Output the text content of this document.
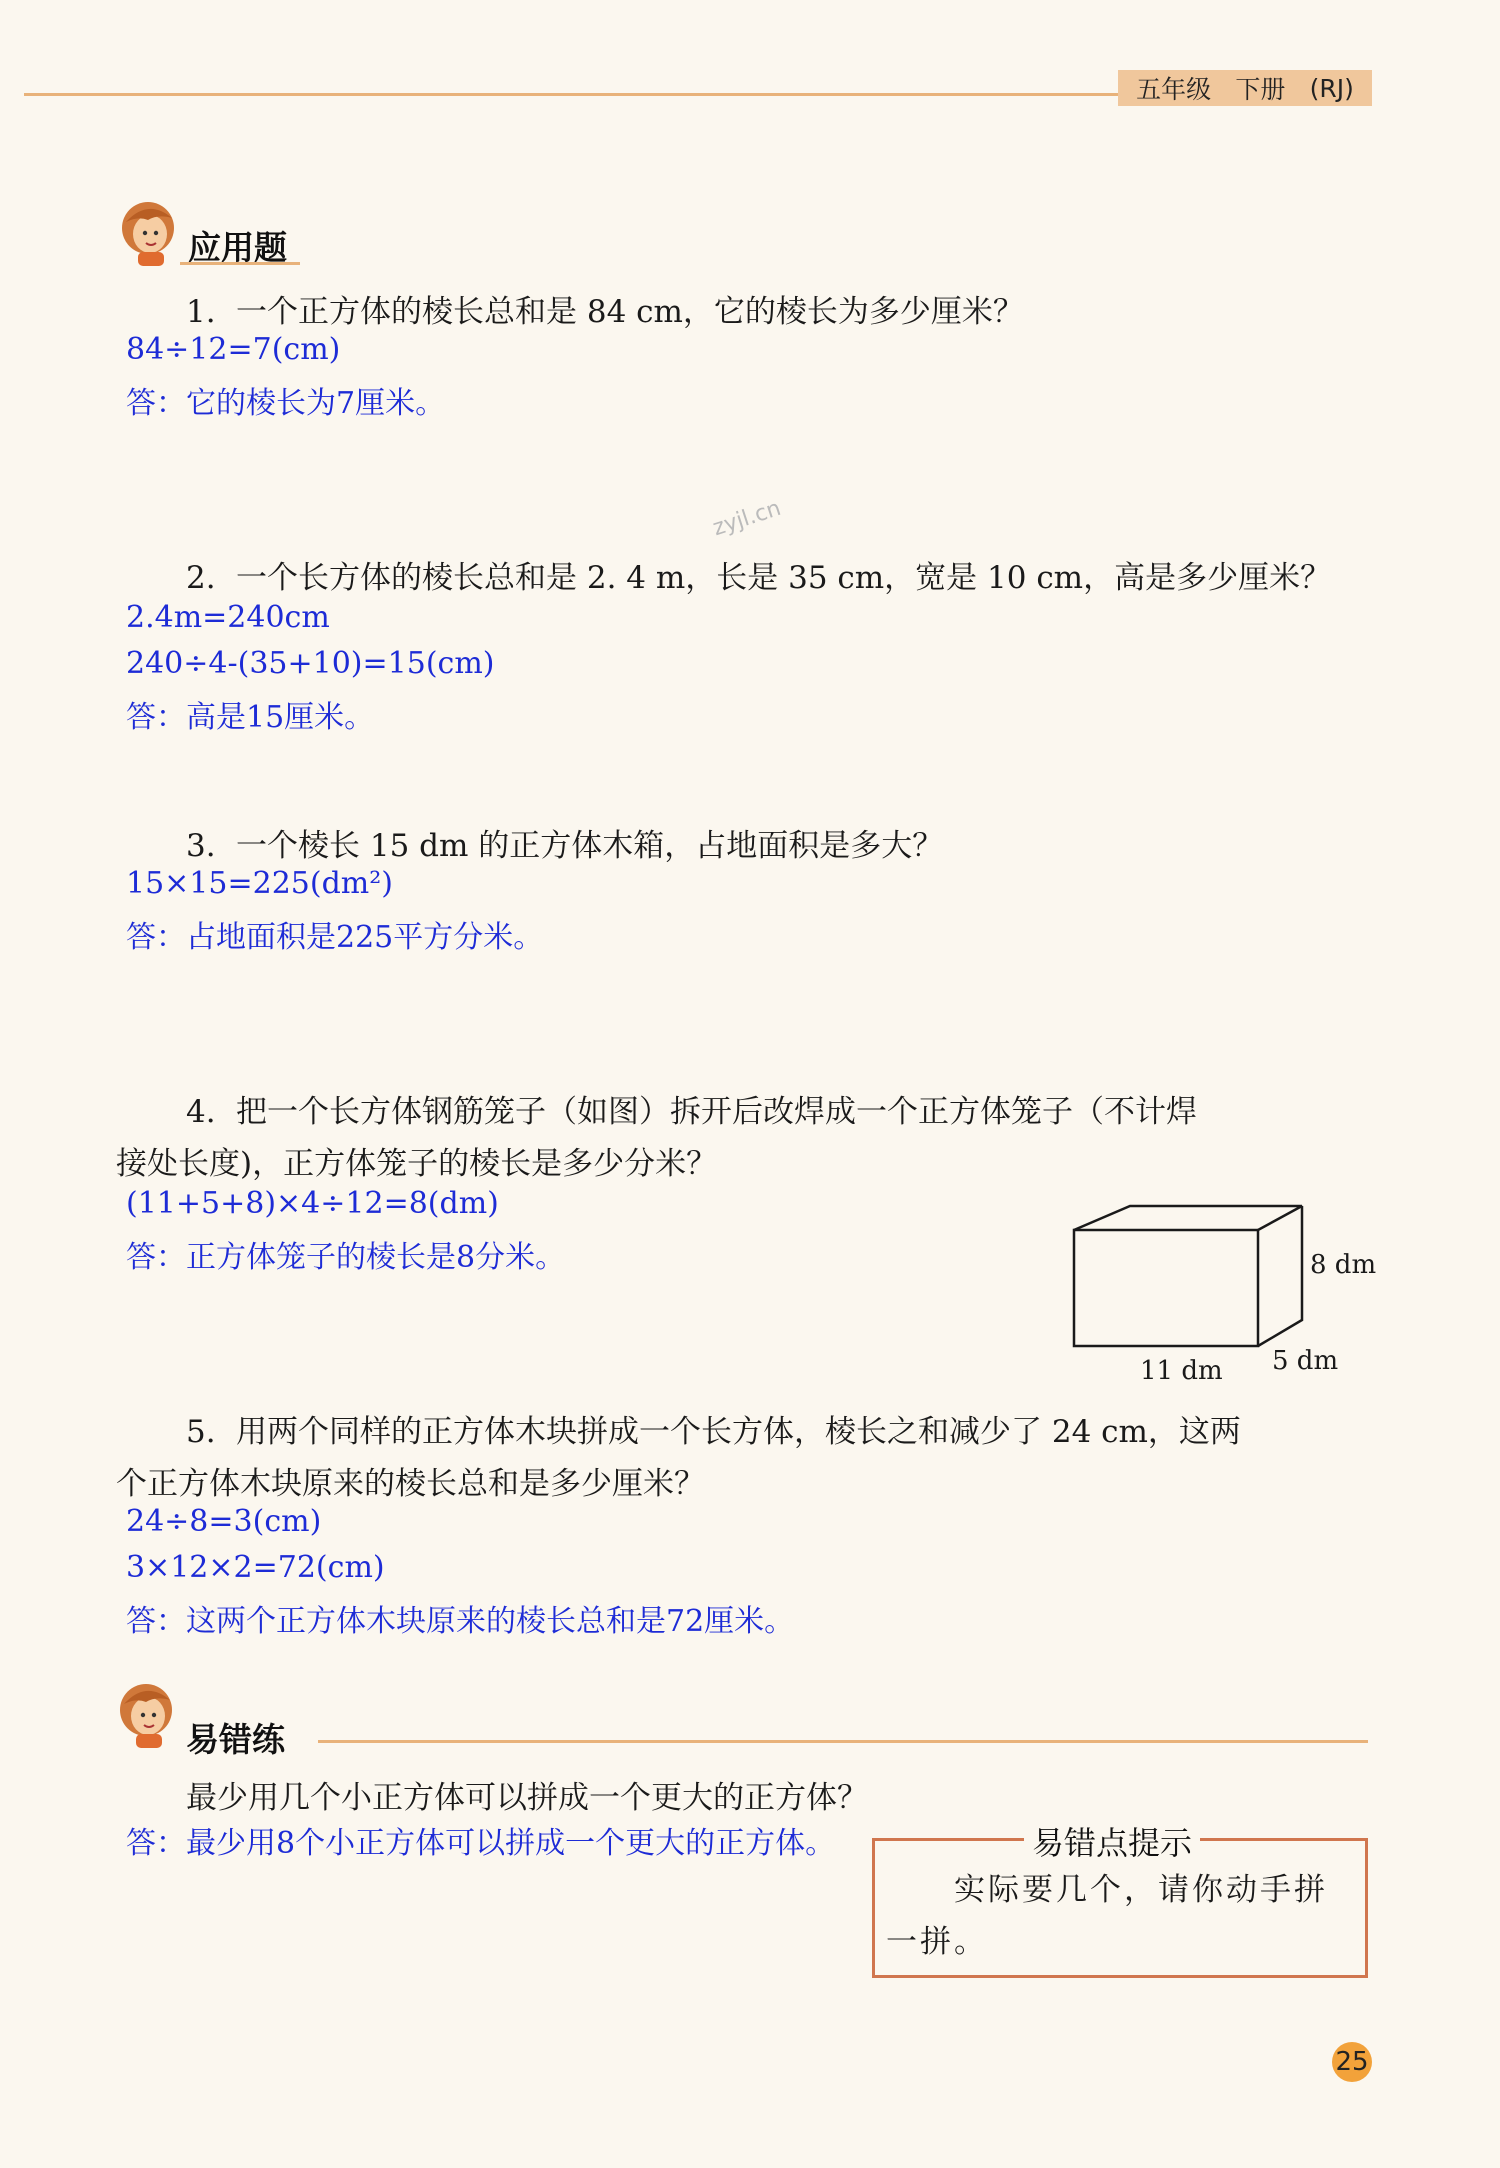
五年级 下册 (RJ)
应用题
1. 一个正方体的棱长总和是 84 cm，它的棱长为多少厘米？
84÷12=7(cm)
答：它的棱长为7厘米。
zyjl.cn
2. 一个长方体的棱长总和是 2. 4 m，长是 35 cm，宽是 10 cm，高是多少厘米？
2.4m=240cm
240÷4-(35+10)=15(cm)
答：高是15厘米。
3. 一个棱长 15 dm 的正方体木箱，占地面积是多大？
15×15=225(dm²)
答：占地面积是225平方分米。
4. 把一个长方体钢筋笼子（如图）拆开后改焊成一个正方体笼子（不计焊
接处长度)，正方体笼子的棱长是多少分米？
(11+5+8)×4÷12=8(dm)
答：正方体笼子的棱长是8分米。	8 dm
11 dm 5 dm
5. 用两个同样的正方体木块拼成一个长方体，棱长之和减少了 24 cm，这两
个正方体木块原来的棱长总和是多少厘米？
24÷8=3(cm)
3×12×2=72(cm)
答：这两个正方体木块原来的棱长总和是72厘米。
易错练
最少用几个小正方体可以拼成一个更大的正方体？
答：最少用8个小正方体可以拼成一个更大的正方体。	易错点提示
　　实际要几个，请你动手拼一拼。
25
